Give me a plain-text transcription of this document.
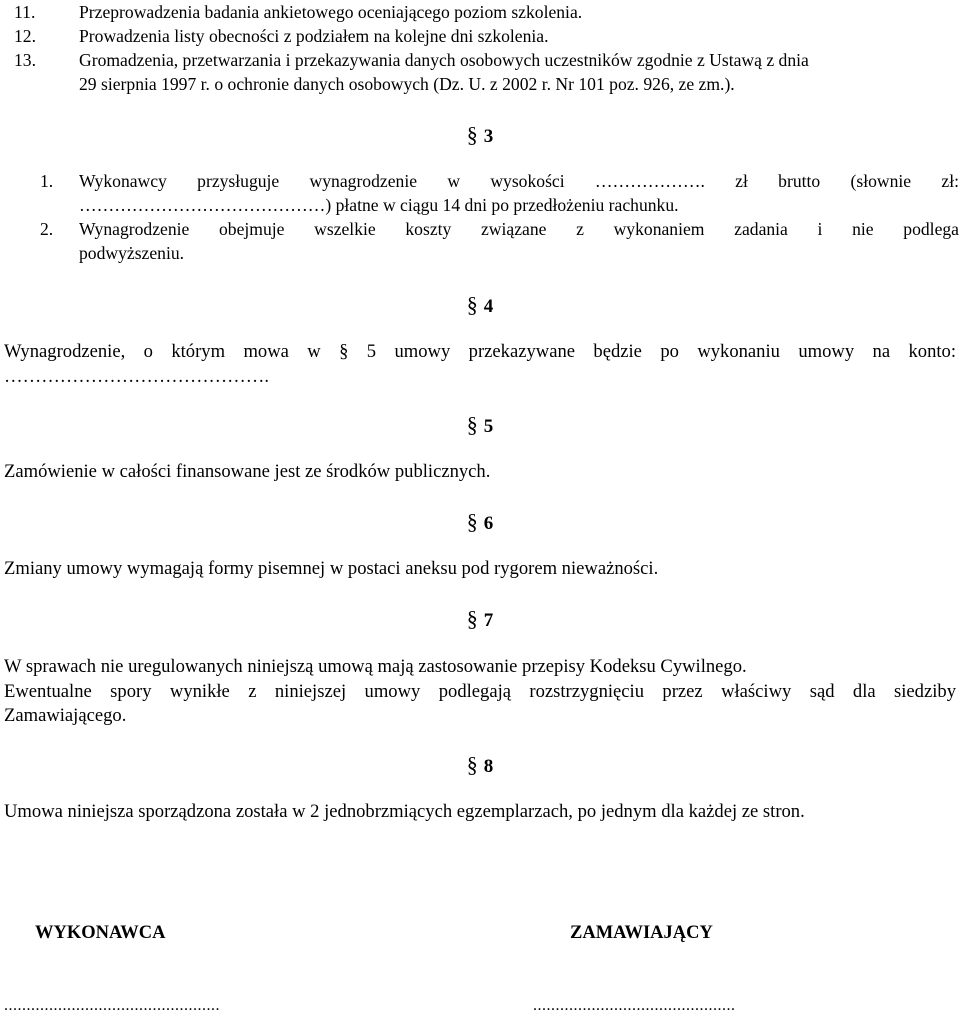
11. Przeprowadzenia badania ankietowego oceniającego poziom szkolenia.
12. Prowadzenia listy obecności z podziałem na kolejne dni szkolenia.
13. Gromadzenia, przetwarzania i przekazywania danych osobowych uczestników zgodnie z Ustawą z dnia
29 sierpnia 1997 r. o ochronie danych osobowych (Dz. U. z 2002 r. Nr 101 poz. 926, ze zm.).

§ 3

1. Wykonawcy przysługuje wynagrodzenie w wysokości ………………. zł brutto (słownie zł:
……………………………………) płatne w ciągu 14 dni po przedłożeniu rachunku.
2. Wynagrodzenie obejmuje wszelkie koszty związane z wykonaniem zadania i nie podlega
podwyższeniu.

§ 4

Wynagrodzenie, o którym mowa w § 5 umowy przekazywane będzie po wykonaniu umowy na konto:
…………………………………….

§ 5

Zamówienie w całości finansowane jest ze środków publicznych.

§ 6

Zmiany umowy wymagają formy pisemnej w postaci aneksu pod rygorem nieważności.

§ 7

W sprawach nie uregulowanych niniejszą umową mają zastosowanie przepisy Kodeksu Cywilnego.
Ewentualne spory wynikłe z niniejszej umowy podlegają rozstrzygnięciu przez właściwy sąd dla siedziby
Zamawiającego.

§ 8

Umowa niniejsza sporządzona została w 2 jednobrzmiących egzemplarzach, po jednym dla każdej ze stron.

WYKONAWCA	ZAMAWIAJĄCY

................................................	.............................................
